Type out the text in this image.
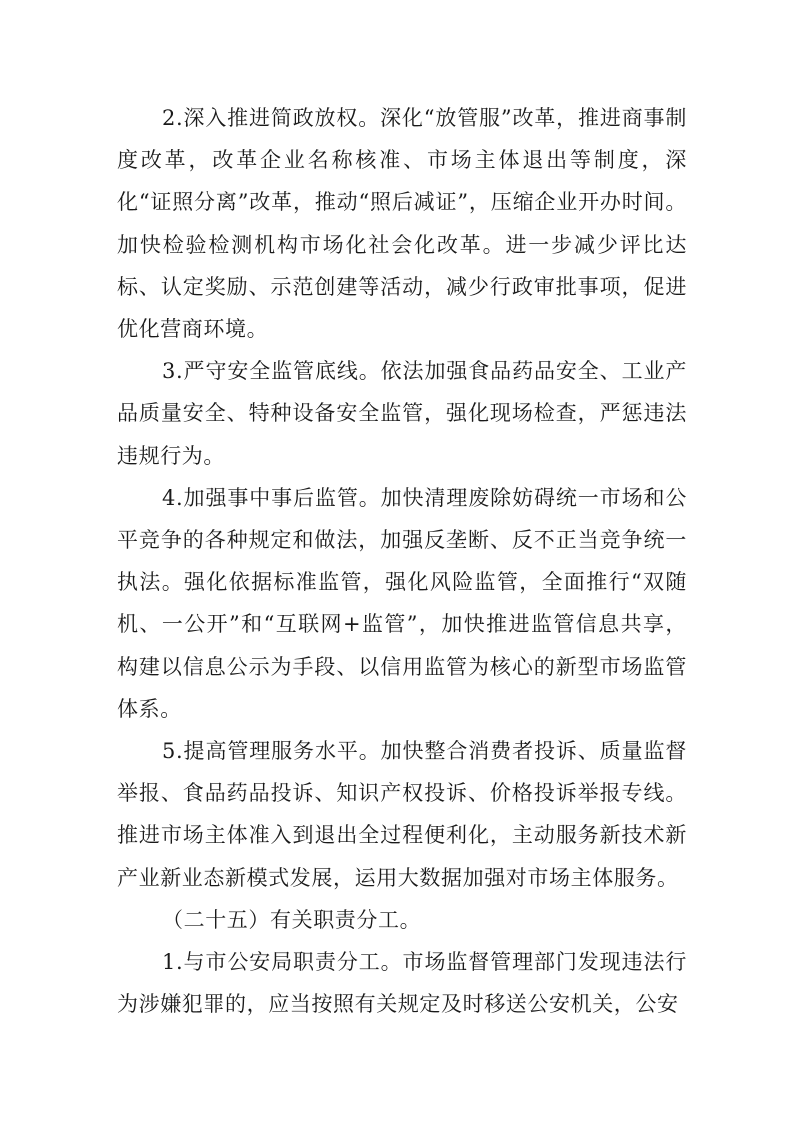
2.深入推进简政放权。深化“放管服”改革，推进商事制度改革，改革企业名称核准、市场主体退出等制度，深化“证照分离”改革，推动“照后减证”，压缩企业开办时间。加快检验检测机构市场化社会化改革。进一步减少评比达标、认定奖励、示范创建等活动，减少行政审批事项，促进优化营商环境。

3.严守安全监管底线。依法加强食品药品安全、工业产品质量安全、特种设备安全监管，强化现场检查，严惩违法违规行为。

4.加强事中事后监管。加快清理废除妨碍统一市场和公平竞争的各种规定和做法，加强反垄断、反不正当竞争统一执法。强化依据标准监管，强化风险监管，全面推行“双随机、一公开”和“互联网+监管”，加快推进监管信息共享，构建以信息公示为手段、以信用监管为核心的新型市场监管体系。

5.提高管理服务水平。加快整合消费者投诉、质量监督举报、食品药品投诉、知识产权投诉、价格投诉举报专线。推进市场主体准入到退出全过程便利化，主动服务新技术新产业新业态新模式发展，运用大数据加强对市场主体服务。

（二十五）有关职责分工。

1.与市公安局职责分工。市场监督管理部门发现违法行为涉嫌犯罪的，应当按照有关规定及时移送公安机关，公安
